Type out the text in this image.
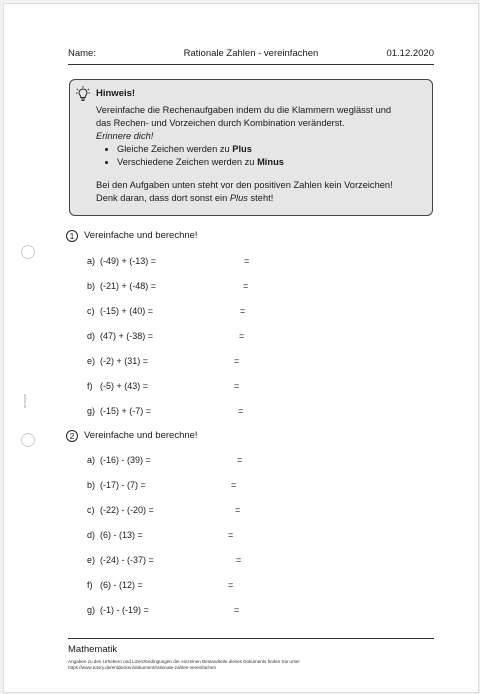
Name:	Rationale Zahlen - vereinfachen	01.12.2020
Hinweis!

Vereinfache die Rechenaufgaben indem du die Klammern weglässt und

das Rechen- und Vorzeichen durch Kombination veränderst.

Erinnere dich!

• Gleiche Zeichen werden zu Plus
• Verschiedene Zeichen werden zu Minus

Bei den Aufgaben unten steht vor den positiven Zahlen kein Vorzeichen!

Denk daran, dass dort sonst ein Plus steht!

1	Vereinfache und berechne!
a) (-49) + (-13) =	=
b) (-21) + (-48) =	=
c) (-15) + (40) =	=
d) (47) + (-38) =	=
e) (-2) + (31) =	=
f) (-5) + (43) =	=
g) (-15) + (-7) =	=
2	Vereinfache und berechne!
a) (-16) - (39) =	=
b) (-17) - (7) =	=
c) (-22) - (-20) =	=
d) (6) - (13) =	=
e) (-24) - (-37) =	=
f) (6) - (12) =	=
g) (-1) - (-19) =	=
anonym
Mathematik
Angaben zu den Urhebern und Lizenzbedingungen der einzelnen Bestandteile dieses Dokuments finden Sie unter
https://www.tutory.de/entdecken/dokument/rationale-zahlen-vereinfachen
